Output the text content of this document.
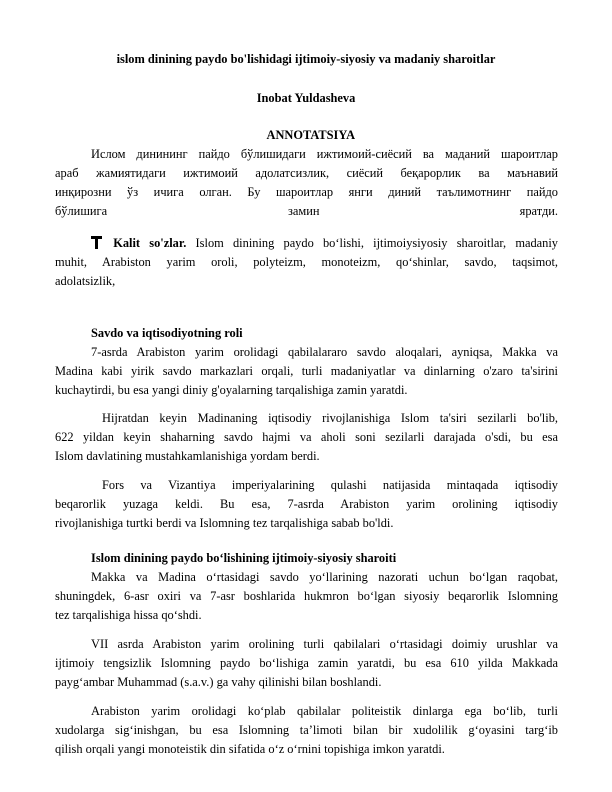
islom dinining paydo bo'lishidagi ijtimoiy-siyosiy va madaniy sharoitlar
Inobat Yuldasheva
ANNOTATSIYA
Ислом динининг пайдо бўлишидаги ижтимоий-сиёсий ва маданий шароитлар
араб жамиятидаги ижтимоий адолатсизлик, сиёсий беқарорлик ва маънавий
инқирозни ўз ичига олган. Бу шароитлар янги диний таълимотнинг пайдо
бўлишига	замин	яратди.
Kalit so'zlar. Islom dinining paydo bo‘lishi, ijtimoiysiyosiy sharoitlar, madaniy
muhit, Arabiston yarim oroli, polyteizm, monoteizm, qo‘shinlar, savdo, taqsimot,
adolatsizlik,
Savdo va iqtisodiyotning roli
7-asrda Arabiston yarim orolidagi qabilalararo savdo aloqalari, ayniqsa, Makka va
Madina kabi yirik savdo markazlari orqali, turli madaniyatlar va dinlarning o'zaro ta'sirini
kuchaytirdi, bu esa yangi diniy g'oyalarning tarqalishiga zamin yaratdi.
Hijratdan keyin Madinaning iqtisodiy rivojlanishiga Islom ta'siri sezilarli bo'lib,
622 yildan keyin shaharning savdo hajmi va aholi soni sezilarli darajada o'sdi, bu esa
Islom davlatining mustahkamlanishiga yordam berdi.
Fors va Vizantiya imperiyalarining qulashi natijasida mintaqada iqtisodiy
beqarorlik yuzaga keldi. Bu esa, 7-asrda Arabiston yarim orolining iqtisodiy
rivojlanishiga turtki berdi va Islomning tez tarqalishiga sabab bo'ldi.
Islom dinining paydo bo‘lishining ijtimoiy-siyosiy sharoiti
Makka va Madina o‘rtasidagi savdo yo‘llarining nazorati uchun bo‘lgan raqobat,
shuningdek, 6-asr oxiri va 7-asr boshlarida hukmron bo‘lgan siyosiy beqarorlik Islomning
tez tarqalishiga hissa qo‘shdi.
VII asrda Arabiston yarim orolining turli qabilalari o‘rtasidagi doimiy urushlar va
ijtimoiy tengsizlik Islomning paydo bo‘lishiga zamin yaratdi, bu esa 610 yilda Makkada
payg‘ambar Muhammad (s.a.v.) ga vahy qilinishi bilan boshlandi.
Arabiston yarim orolidagi ko‘plab qabilalar politeistik dinlarga ega bo‘lib, turli
xudolarga sig‘inishgan, bu esa Islomning ta’limoti bilan bir xudolilik g‘oyasini targ‘ib
qilish orqali yangi monoteistik din sifatida o‘z o‘rnini topishiga imkon yaratdi.
